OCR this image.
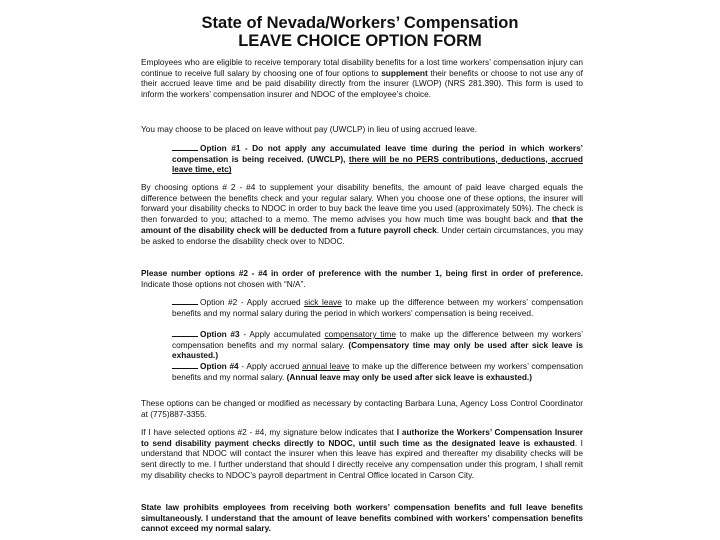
State of Nevada/Workers’ Compensation
LEAVE CHOICE OPTION FORM
Employees who are eligible to receive temporary total disability benefits for a lost time workers’ compensation injury can continue to receive full salary by choosing one of four options to supplement their benefits or choose to not use any of their accrued leave time and be paid disability directly from the insurer (LWOP) (NRS 281.390). This form is used to inform the workers’ compensation insurer and NDOC of the employee’s choice.
You may choose to be placed on leave without pay (UWCLP) in lieu of using accrued leave.
Option #1 - Do not apply any accumulated leave time during the period in which workers’ compensation is being received. (UWCLP), there will be no PERS contributions, deductions, accrued leave time, etc)
By choosing options # 2 - #4 to supplement your disability benefits, the amount of paid leave charged equals the difference between the benefits check and your regular salary. When you choose one of these options, the insurer will forward your disability checks to NDOC in order to buy back the leave time you used (approximately 50%). The check is then forwarded to you; attached to a memo. The memo advises you how much time was bought back and that the amount of the disability check will be deducted from a future payroll check. Under certain circumstances, you may be asked to endorse the disability check over to NDOC.
Please number options #2 - #4 in order of preference with the number 1, being first in order of preference. Indicate those options not chosen with “N/A”.
Option #2 - Apply accrued sick leave to make up the difference between my workers’ compensation benefits and my normal salary during the period in which workers’ compensation is being received.
Option #3 - Apply accumulated compensatory time to make up the difference between my workers’ compensation benefits and my normal salary. (Compensatory time may only be used after sick leave is exhausted.)
Option #4 - Apply accrued annual leave to make up the difference between my workers’ compensation benefits and my normal salary. (Annual leave may only be used after sick leave is exhausted.)
These options can be changed or modified as necessary by contacting Barbara Luna, Agency Loss Control Coordinator at (775)887-3355.
If I have selected options #2 - #4, my signature below indicates that I authorize the Workers’ Compensation Insurer to send disability payment checks directly to NDOC, until such time as the designated leave is exhausted. I understand that NDOC will contact the insurer when this leave has expired and thereafter my disability checks will be sent directly to me. I further understand that should I directly receive any compensation under this program, I shall remit my disability checks to NDOC’s payroll department in Central Office located in Carson City.
State law prohibits employees from receiving both workers’ compensation benefits and full leave benefits simultaneously. I understand that the amount of leave benefits combined with workers’ compensation benefits cannot exceed my normal salary.
